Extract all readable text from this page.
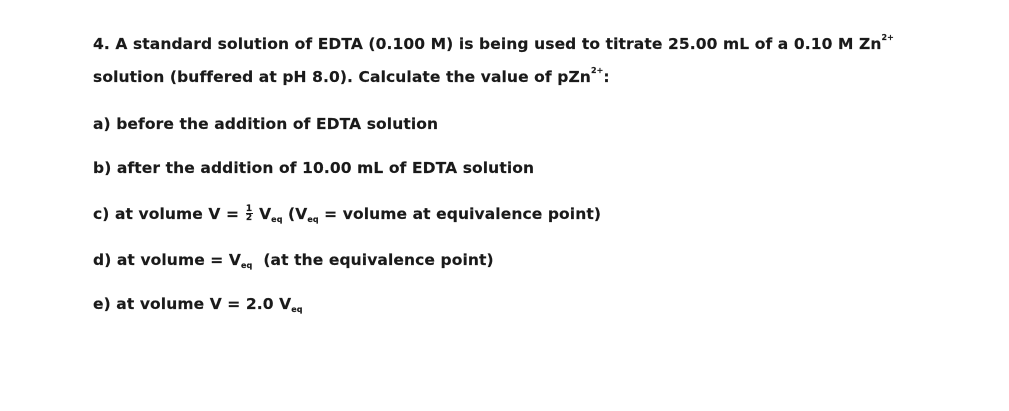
4. A standard solution of EDTA (0.100 M) is being used to titrate 25.00 mL of a 0.10 M $Zn^{2+}$
solution (buffered at pH 8.0). Calculate the value of pZn$^{2+}$:
a) before the addition of EDTA solution
b) after the addition of 10.00 mL of EDTA solution
c) at volume $V = \frac{1}{2} V_{eq}$ ($V_{eq}$ = volume at equivalence point)
d) at volume = $V_{eq}$  (at the equivalence point)
e) at volume V = 2.0 $V_{eq}$
